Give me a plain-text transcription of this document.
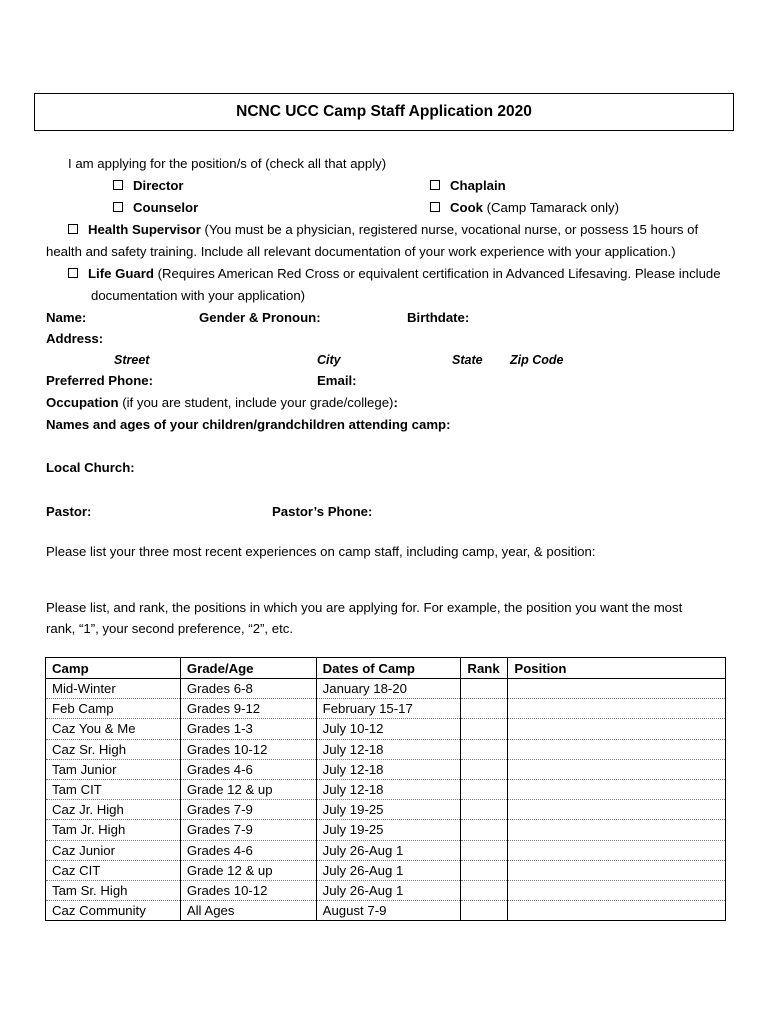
NCNC UCC Camp Staff Application 2020
I am applying for the position/s of (check all that apply)
Director	Chaplain
Counselor	Cook (Camp Tamarack only)
Health Supervisor (You must be a physician, registered nurse, vocational nurse, or possess 15 hours of
health and safety training. Include all relevant documentation of your work experience with your application.)
Life Guard (Requires American Red Cross or equivalent certification in Advanced Lifesaving. Please include
documentation with your application)
Name:	Gender & Pronoun:	Birthdate:
Address:
Street	City	State Zip Code
Preferred Phone:	Email:
Occupation (if you are student, include your grade/college):
Names and ages of your children/grandchildren attending camp:
Local Church:
Pastor:	Pastor’s Phone:
Please list your three most recent experiences on camp staff, including camp, year, & position:
Please list, and rank, the positions in which you are applying for. For example, the position you want the most
rank, “1”, your second preference, “2”, etc.
Camp	Grade/Age	Dates of Camp	Rank	Position
Mid-Winter	Grades 6-8	January 18-20		
Feb Camp	Grades 9-12	February 15-17		
Caz You & Me	Grades 1-3	July 10-12		
Caz Sr. High	Grades 10-12	July 12-18		
Tam Junior	Grades 4-6	July 12-18		
Tam CIT	Grade 12 & up	July 12-18		
Caz Jr. High	Grades 7-9	July 19-25		
Tam Jr. High	Grades 7-9	July 19-25		
Caz Junior	Grades 4-6	July 26-Aug 1		
Caz CIT	Grade 12 & up	July 26-Aug 1		
Tam Sr. High	Grades 10-12	July 26-Aug 1		
Caz Community	All Ages	August 7-9		
